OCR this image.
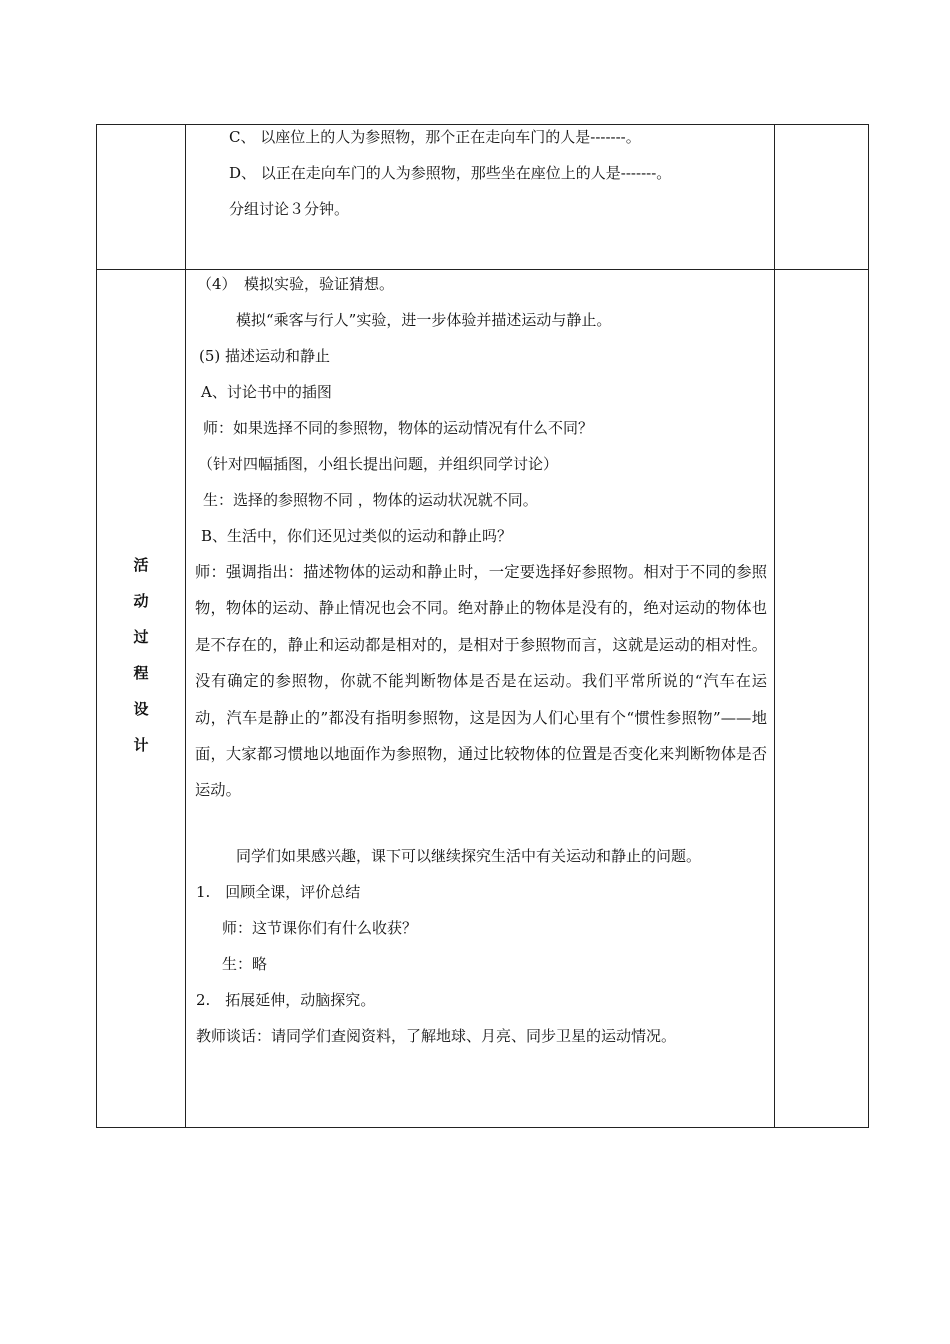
C、 以座位上的人为参照物，那个正在走向车门的人是-------。
D、 以正在走向车门的人为参照物，那些坐在座位上的人是-------。
分组讨论３分钟。
活
动
过
程
设
计
（4）　模拟实验，验证猜想。
模拟“乘客与行人”实验，进一步体验并描述运动与静止。
(5) 描述运动和静止
A、讨论书中的插图
师：如果选择不同的参照物，物体的运动情况有什么不同？
（针对四幅插图，小组长提出问题，并组织同学讨论）
生：选择的参照物不同 ，物体的运动状况就不同。
B、生活中，你们还见过类似的运动和静止吗？
师：强调指出：描述物体的运动和静止时，一定要选择好参照物。相对于不同的参照物，物体的运动、静止情况也会不同。绝对静止的物体是没有的，绝对运动的物体也是不存在的，静止和运动都是相对的，是相对于参照物而言，这就是运动的相对性。没有确定的参照物，你就不能判断物体是否是在运动。我们平常所说的“汽车在运动，汽车是静止的”都没有指明参照物，这是因为人们心里有个“惯性参照物”——地面，大家都习惯地以地面作为参照物，通过比较物体的位置是否变化来判断物体是否运动。
同学们如果感兴趣，课下可以继续探究生活中有关运动和静止的问题。
1.　回顾全课，评价总结
师：这节课你们有什么收获？
生：略
2.　拓展延伸，动脑探究。
教师谈话：请同学们查阅资料，了解地球、月亮、同步卫星的运动情况。
